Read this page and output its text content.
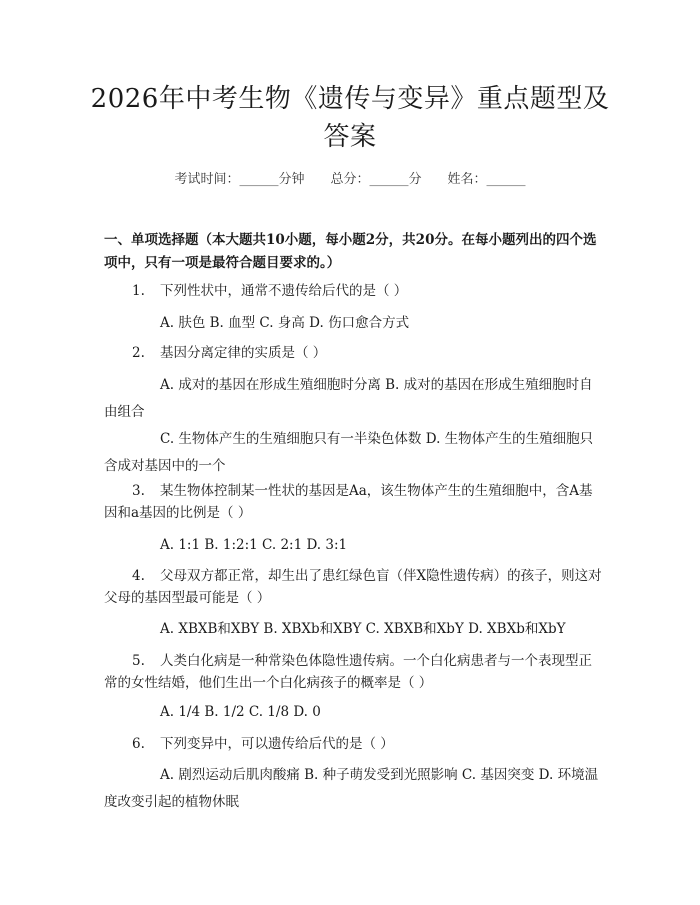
2026年中考生物《遗传与变异》重点题型及答案
考试时间：______分钟 总分：______分 姓名：______
一、单项选择题（本大题共10小题，每小题2分，共20分。在每小题列出的四个选项中，只有一项是最符合题目要求的。）
1. 下列性状中，通常不遗传给后代的是（ ）
A. 肤色 B. 血型 C. 身高 D. 伤口愈合方式
2. 基因分离定律的实质是（ ）
A. 成对的基因在形成生殖细胞时分离 B. 成对的基因在形成生殖细胞时自由组合
C. 生物体产生的生殖细胞只有一半染色体数 D. 生物体产生的生殖细胞只含成对基因中的一个
3. 某生物体控制某一性状的基因是Aa，该生物体产生的生殖细胞中，含A基因和a基因的比例是（ ）
A. 1:1 B. 1:2:1 C. 2:1 D. 3:1
4. 父母双方都正常，却生出了患红绿色盲（伴X隐性遗传病）的孩子，则这对父母的基因型最可能是（ ）
A. XBXB和XBY B. XBXb和XBY C. XBXB和XbY D. XBXb和XbY
5. 人类白化病是一种常染色体隐性遗传病。一个白化病患者与一个表现型正常的女性结婚，他们生出一个白化病孩子的概率是（ ）
A. 1/4 B. 1/2 C. 1/8 D. 0
6. 下列变异中，可以遗传给后代的是（ ）
A. 剧烈运动后肌肉酸痛 B. 种子萌发受到光照影响 C. 基因突变 D. 环境温度改变引起的植物休眠
